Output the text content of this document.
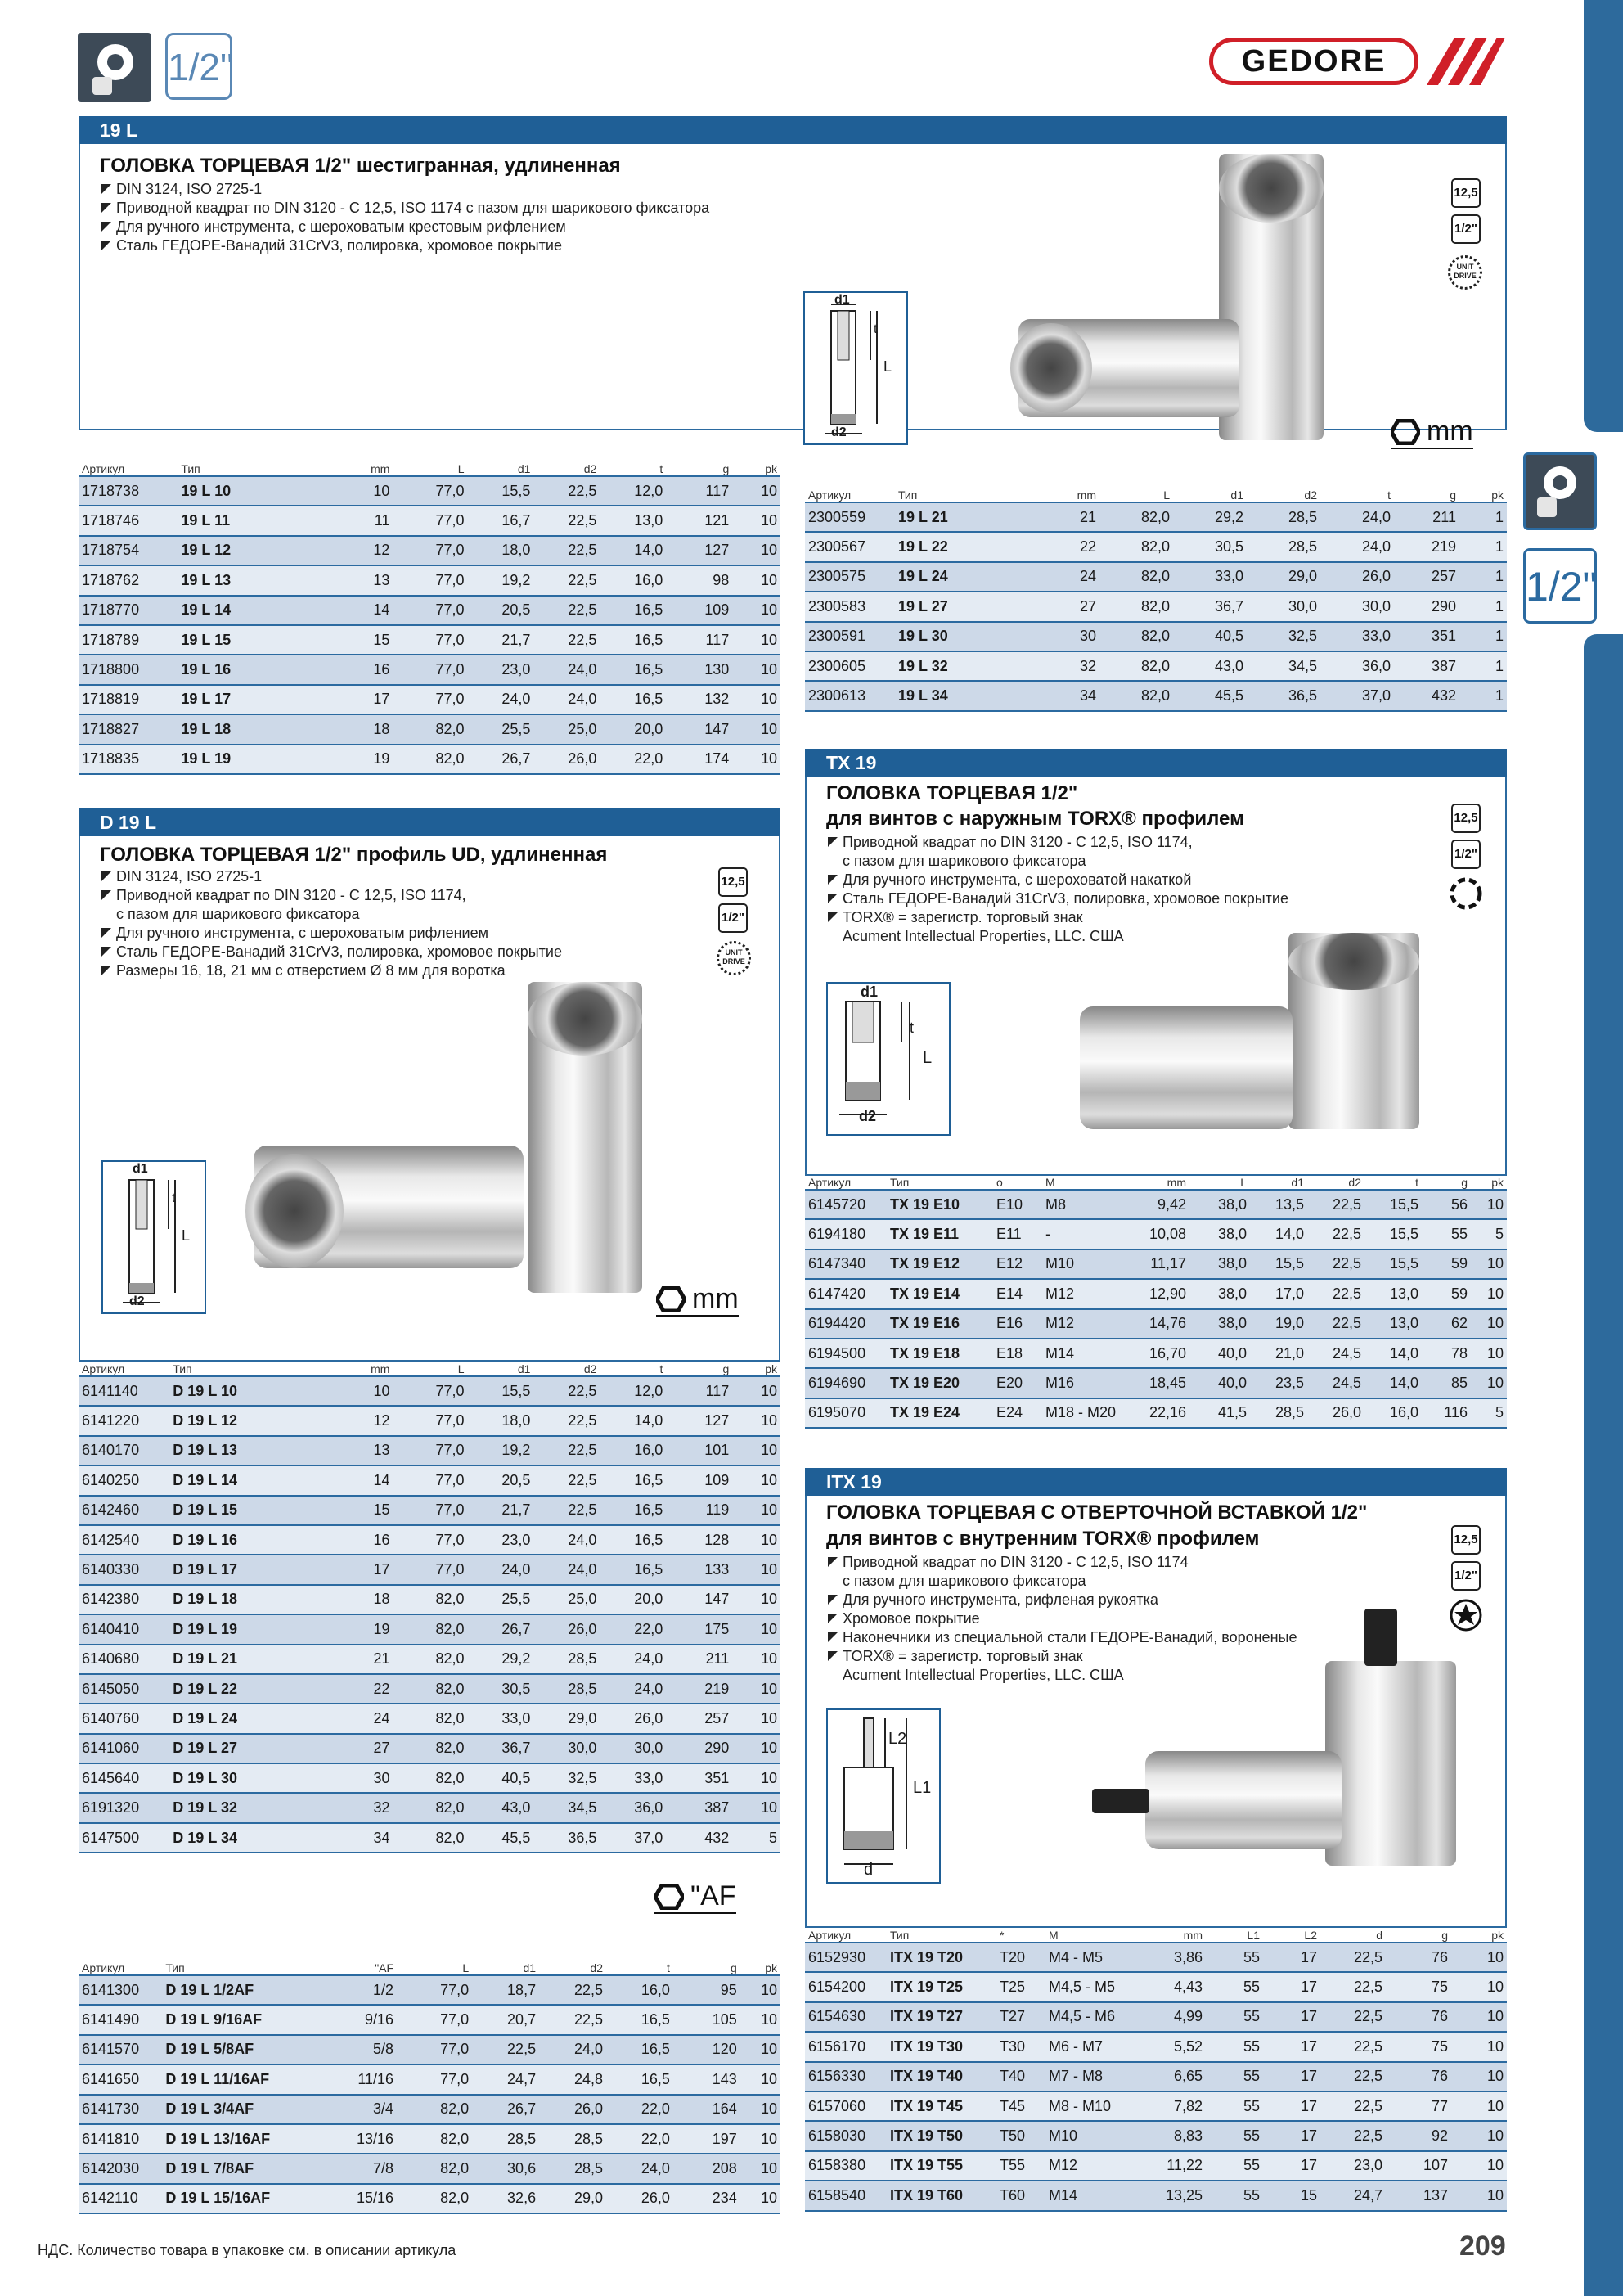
1/2"
1/2"	GEDORE
19 L
ГОЛОВКА ТОРЦЕВАЯ 1/2" шестигранная, удлиненная
DIN 3124, ISO 2725-1
Приводной квадрат по DIN 3120 - C 12,5, ISO 1174 с пазом для шарикового фиксатора
Для ручного инструмента, с шероховатым крестовым рифлением
Сталь ГЕДОРЕ-Ванадий 31CrV3, полировка, хромовое покрытие
d1
t
L
d2
12,5
1/2"
UNIT DRIVE
mm
Артикул	Тип	mm	L	d1	d2	t	g	pk
1718738	19 L 10	10	77,0	15,5	22,5	12,0	117	10
1718746	19 L 11	11	77,0	16,7	22,5	13,0	121	10
1718754	19 L 12	12	77,0	18,0	22,5	14,0	127	10
1718762	19 L 13	13	77,0	19,2	22,5	16,0	98	10
1718770	19 L 14	14	77,0	20,5	22,5	16,5	109	10
1718789	19 L 15	15	77,0	21,7	22,5	16,5	117	10
1718800	19 L 16	16	77,0	23,0	24,0	16,5	130	10
1718819	19 L 17	17	77,0	24,0	24,0	16,5	132	10
1718827	19 L 18	18	82,0	25,5	25,0	20,0	147	10
1718835	19 L 19	19	82,0	26,7	26,0	22,0	174	10
Артикул	Тип	mm	L	d1	d2	t	g	pk
2300559	19 L 21	21	82,0	29,2	28,5	24,0	211	1
2300567	19 L 22	22	82,0	30,5	28,5	24,0	219	1
2300575	19 L 24	24	82,0	33,0	29,0	26,0	257	1
2300583	19 L 27	27	82,0	36,7	30,0	30,0	290	1
2300591	19 L 30	30	82,0	40,5	32,5	33,0	351	1
2300605	19 L 32	32	82,0	43,0	34,5	36,0	387	1
2300613	19 L 34	34	82,0	45,5	36,5	37,0	432	1
D 19 L
ГОЛОВКА ТОРЦЕВАЯ 1/2" профиль UD, удлиненная
DIN 3124, ISO 2725-1
Приводной квадрат по DIN 3120 - C 12,5, ISO 1174,
с пазом для шарикового фиксатора
Для ручного инструмента, с шероховатым рифлением
Сталь ГЕДОРЕ-Ванадий 31CrV3, полировка, хромовое покрытие
Размеры 16, 18, 21 мм с отверстием Ø 8 мм для воротка
12,5
1/2"
UNIT DRIVE
d1
t
L
d2	mm
Артикул	Тип	mm	L	d1	d2	t	g	pk
6141140	D 19 L 10	10	77,0	15,5	22,5	12,0	117	10
6141220	D 19 L 12	12	77,0	18,0	22,5	14,0	127	10
6140170	D 19 L 13	13	77,0	19,2	22,5	16,0	101	10
6140250	D 19 L 14	14	77,0	20,5	22,5	16,5	109	10
6142460	D 19 L 15	15	77,0	21,7	22,5	16,5	119	10
6142540	D 19 L 16	16	77,0	23,0	24,0	16,5	128	10
6140330	D 19 L 17	17	77,0	24,0	24,0	16,5	133	10
6142380	D 19 L 18	18	82,0	25,5	25,0	20,0	147	10
6140410	D 19 L 19	19	82,0	26,7	26,0	22,0	175	10
6140680	D 19 L 21	21	82,0	29,2	28,5	24,0	211	10
6145050	D 19 L 22	22	82,0	30,5	28,5	24,0	219	10
6140760	D 19 L 24	24	82,0	33,0	29,0	26,0	257	10
6141060	D 19 L 27	27	82,0	36,7	30,0	30,0	290	10
6145640	D 19 L 30	30	82,0	40,5	32,5	33,0	351	10
6191320	D 19 L 32	32	82,0	43,0	34,5	36,0	387	10
6147500	D 19 L 34	34	82,0	45,5	36,5	37,0	432	5
"AF
Артикул	Тип	"AF	L	d1	d2	t	g	pk
6141300	D 19 L 1/2AF	1/2	77,0	18,7	22,5	16,0	95	10
6141490	D 19 L 9/16AF	9/16	77,0	20,7	22,5	16,5	105	10
6141570	D 19 L 5/8AF	5/8	77,0	22,5	24,0	16,5	120	10
6141650	D 19 L 11/16AF	11/16	77,0	24,7	24,8	16,5	143	10
6141730	D 19 L 3/4AF	3/4	82,0	26,7	26,0	22,0	164	10
6141810	D 19 L 13/16AF	13/16	82,0	28,5	28,5	22,0	197	10
6142030	D 19 L 7/8AF	7/8	82,0	30,6	28,5	24,0	208	10
6142110	D 19 L 15/16AF	15/16	82,0	32,6	29,0	26,0	234	10
TX 19
ГОЛОВКА ТОРЦЕВАЯ 1/2"
для винтов с наружным TORX® профилем
Приводной квадрат по DIN 3120 - C 12,5, ISO 1174,
с пазом для шарикового фиксатора
Для ручного инструмента, с шероховатой накаткой
Сталь ГЕДОРЕ-Ванадий 31CrV3, полировка, хромовое покрытие
TORX® = зарегистр. торговый знак
Acument Intellectual Properties, LLC. США
12,5
1/2"
d1
t
L
d2
Артикул	Тип	o	M	mm	L	d1	d2	t	g	pk
6145720	TX 19 E10	E10	M8	9,42	38,0	13,5	22,5	15,5	56	10
6194180	TX 19 E11	E11	-	10,08	38,0	14,0	22,5	15,5	55	5
6147340	TX 19 E12	E12	M10	11,17	38,0	15,5	22,5	15,5	59	10
6147420	TX 19 E14	E14	M12	12,90	38,0	17,0	22,5	13,0	59	10
6194420	TX 19 E16	E16	M12	14,76	38,0	19,0	22,5	13,0	62	10
6194500	TX 19 E18	E18	M14	16,70	40,0	21,0	24,5	14,0	78	10
6194690	TX 19 E20	E20	M16	18,45	40,0	23,5	24,5	14,0	85	10
6195070	TX 19 E24	E24	M18 - M20	22,16	41,5	28,5	26,0	16,0	116	5
ITX 19
ГОЛОВКА ТОРЦЕВАЯ С ОТВЕРТОЧНОЙ ВСТАВКОЙ 1/2"
для винтов с внутренним TORX® профилем
Приводной квадрат по DIN 3120 - C 12,5, ISO 1174
с пазом для шарикового фиксатора
Для ручного инструмента, рифленая рукоятка
Хромовое покрытие
Наконечники из специальной стали ГЕДОРЕ-Ванадий, вороненые
TORX® = зарегистр. торговый знак
Acument Intellectual Properties, LLC. США
12,5
1/2"
L2
L1
d
Артикул	Тип	*	M	mm	L1	L2	d	g	pk
6152930	ITX 19 T20	T20	M4 - M5	3,86	55	17	22,5	76	10
6154200	ITX 19 T25	T25	M4,5 - M5	4,43	55	17	22,5	75	10
6154630	ITX 19 T27	T27	M4,5 - M6	4,99	55	17	22,5	76	10
6156170	ITX 19 T30	T30	M6 - M7	5,52	55	17	22,5	75	10
6156330	ITX 19 T40	T40	M7 - M8	6,65	55	17	22,5	76	10
6157060	ITX 19 T45	T45	M8 - M10	7,82	55	17	22,5	77	10
6158030	ITX 19 T50	T50	M10	8,83	55	17	22,5	92	10
6158380	ITX 19 T55	T55	M12	11,22	55	17	23,0	107	10
6158540	ITX 19 T60	T60	M14	13,25	55	15	24,7	137	10
НДС. Количество товара в упаковке см. в описании артикула	209
